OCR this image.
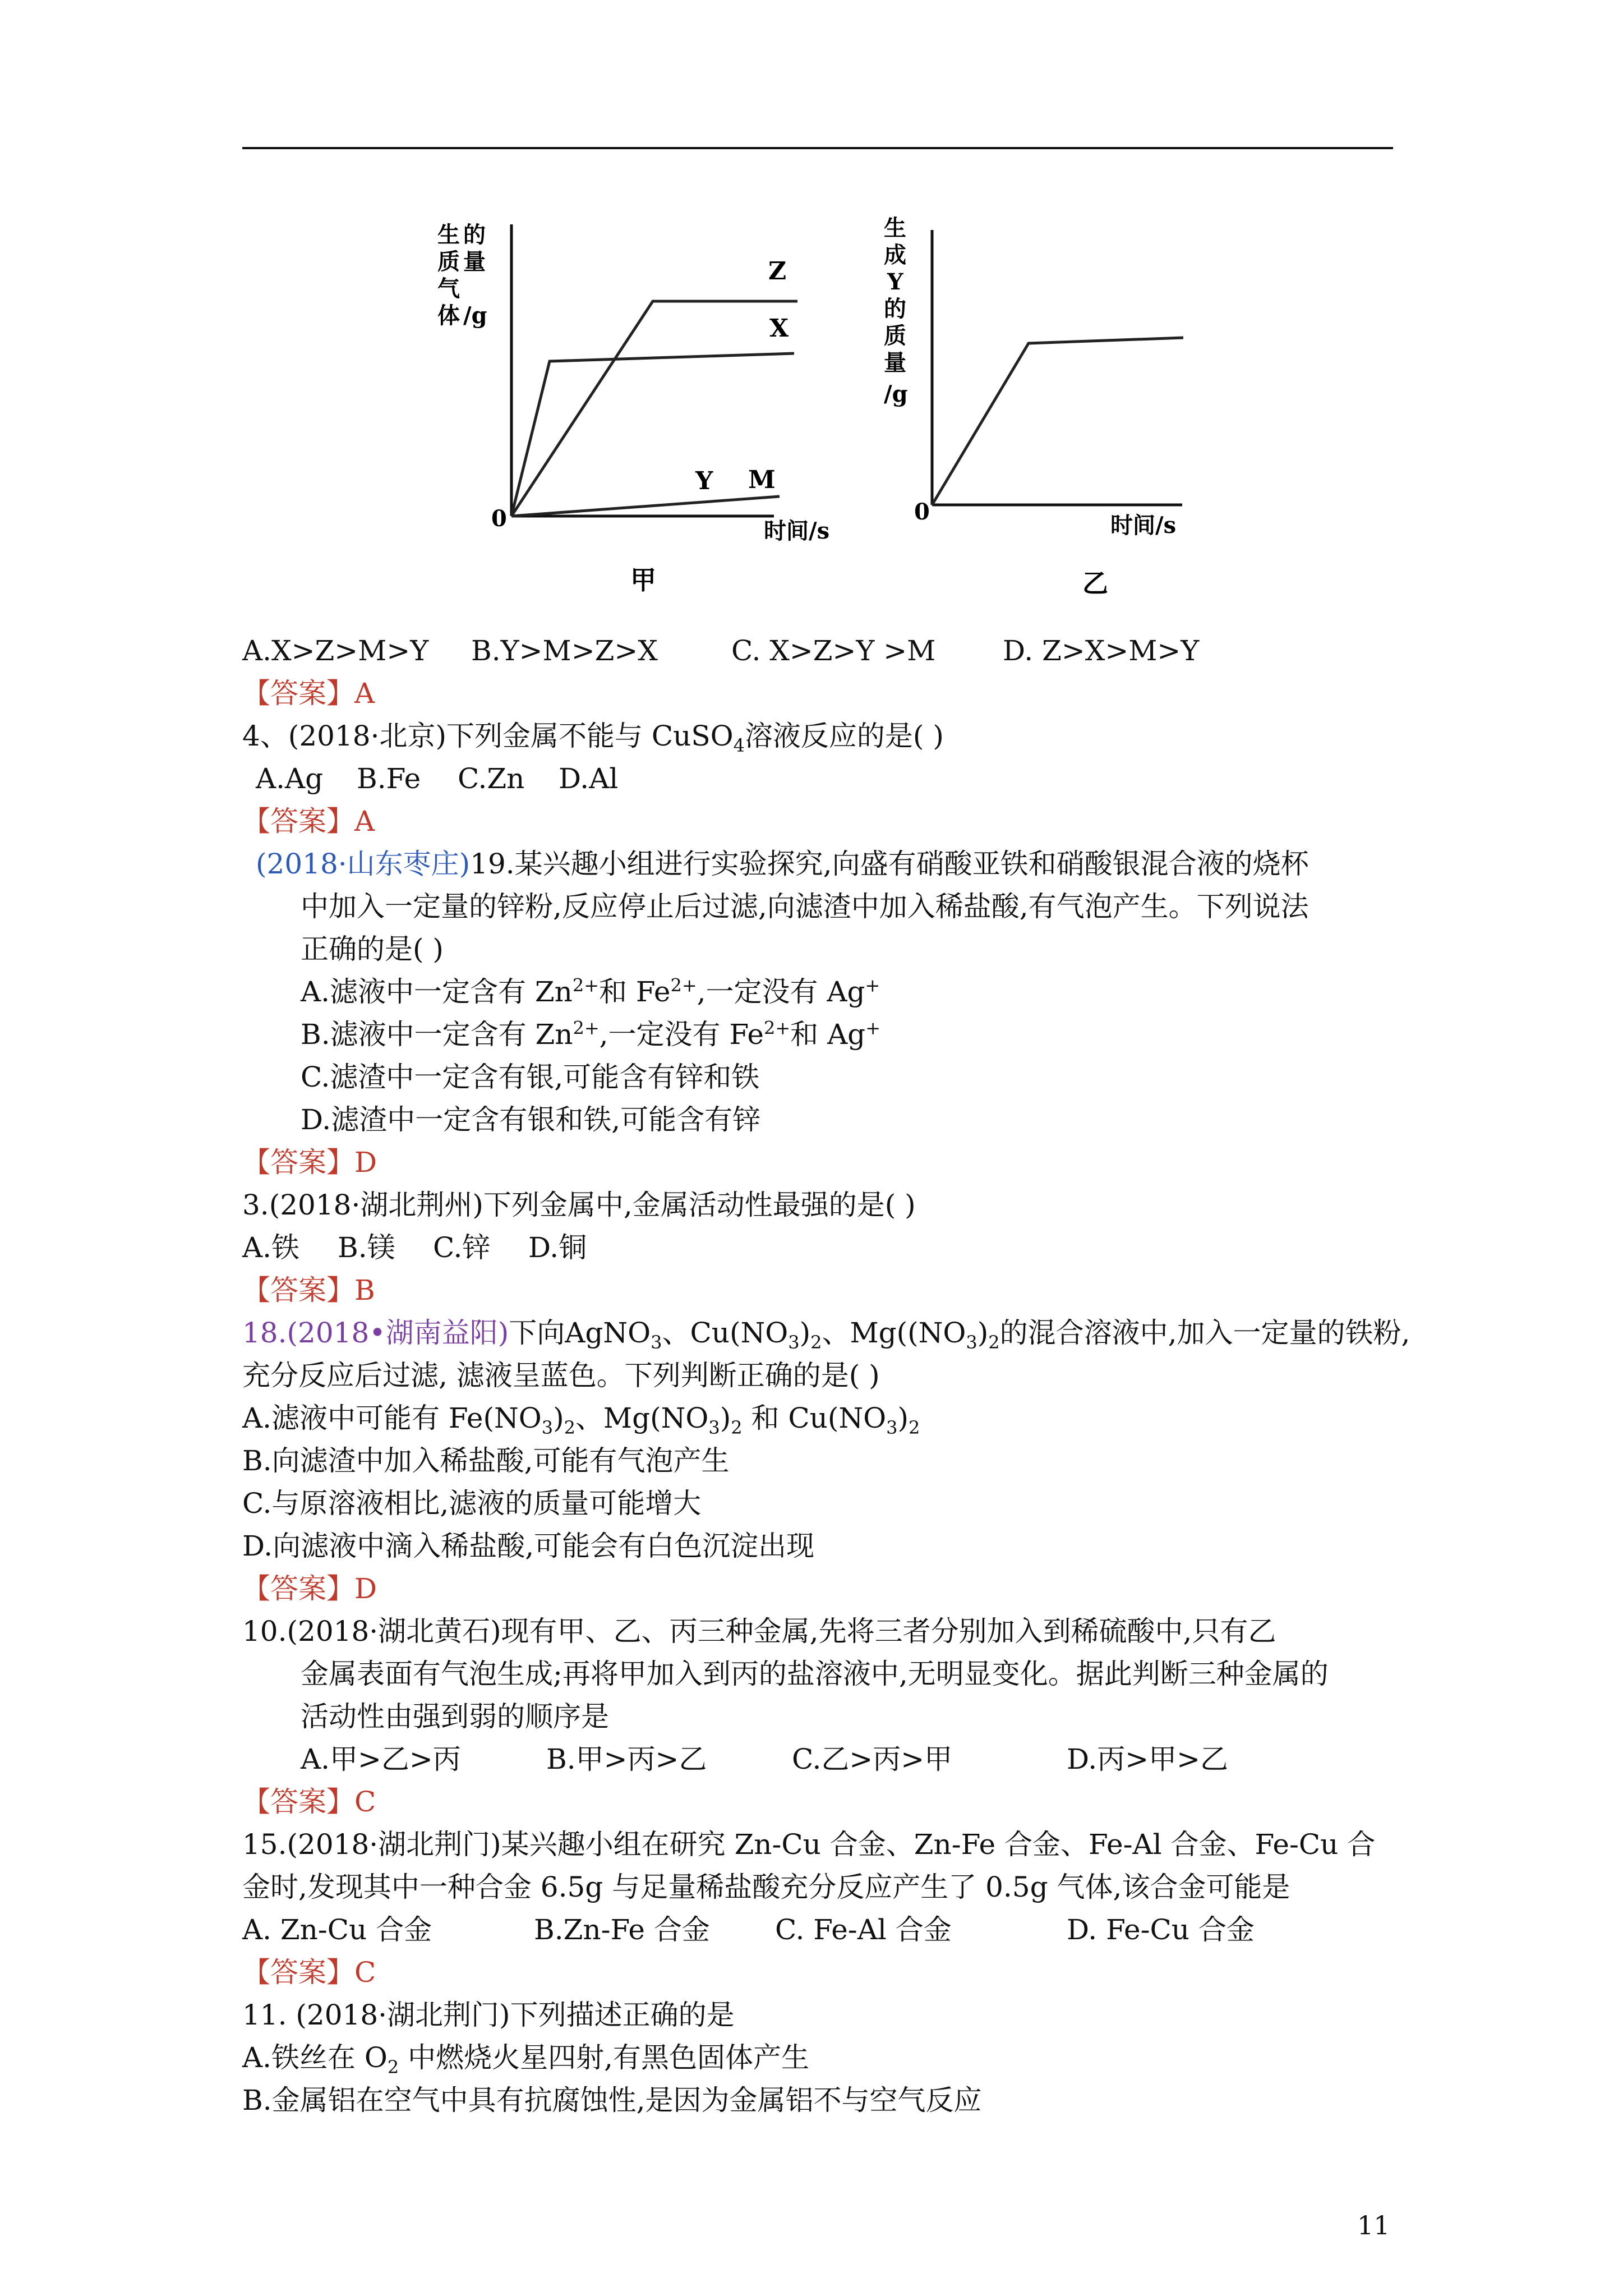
生 的
质
气
量
体 /g
Z
X
Y M
0	时间/s
甲
生
成
Y
的
质
量
/g
0
时间/s
乙
A.X>Z>M>Y B.Y>M>Z>X	C. X>Z>Y >M D. Z>X>M>Y
【答案】A
4、(2018·北京)下列金属不能与 CuSO$_4$溶液反应的是( )
A.Ag B.Fe C.Zn D.Al
【答案】A
(2018·山东枣庄)19.某兴趣小组进行实验探究,向盛有硝酸亚铁和硝酸银混合液的烧杯
中加入一定量的锌粉,反应停止后过滤,向滤渣中加入稀盐酸,有气泡产生。下列说法
正确的是( )
A.滤液中一定含有 $Zn^{2+}$和 $Fe^{2+}$,一定没有 Ag+
B.滤液中一定含有 $Zn^{2+}$,一定没有 $Fe^{2+}$和 Ag+
C.滤渣中一定含有银,可能含有锌和铁
D.滤渣中一定含有银和铁,可能含有锌
【答案】D
3.(2018·湖北荆州)下列金属中,金属活动性最强的是( )
A.铁 B.镁 C.锌 D.铜
【答案】B
18.(2018•湖南益阳)下向AgNO$_3$、$Cu(NO_3)_2$、$Mg((NO_3)_2$的混合溶液中,加入一定量的铁粉,
充分反应后过滤, 滤液呈蓝色。下列判断正确的是( )
A.滤液中可能有 $Fe(NO_3)_2$、$Mg(NO_3)_2$ 和 $Cu(NO_3)_2$
B.向滤渣中加入稀盐酸,可能有气泡产生
C.与原溶液相比,滤液的质量可能增大
D.向滤液中滴入稀盐酸,可能会有白色沉淀出现
【答案】D
10.(2018·湖北黄石)现有甲、乙、丙三种金属,先将三者分别加入到稀硫酸中,只有乙
金属表面有气泡生成;再将甲加入到丙的盐溶液中,无明显变化。据此判断三种金属的
活动性由强到弱的顺序是
A.甲>乙>丙	B.甲>丙>乙	C.乙>丙>甲	D.丙>甲>乙
【答案】C
15.(2018·湖北荆门)某兴趣小组在研究 Zn-Cu 合金、Zn-Fe 合金、Fe-Al 合金、Fe-Cu 合
金时,发现其中一种合金 6.5g 与足量稀盐酸充分反应产生了 0.5g 气体,该合金可能是
A. Zn-Cu 合金	B.Zn-Fe 合金 C. Fe-Al 合金	D. Fe-Cu 合金
【答案】C
11. (2018·湖北荆门)下列描述正确的是
A.铁丝在 $O_2$ 中燃烧火星四射,有黑色固体产生
B.金属铝在空气中具有抗腐蚀性,是因为金属铝不与空气反应
11
